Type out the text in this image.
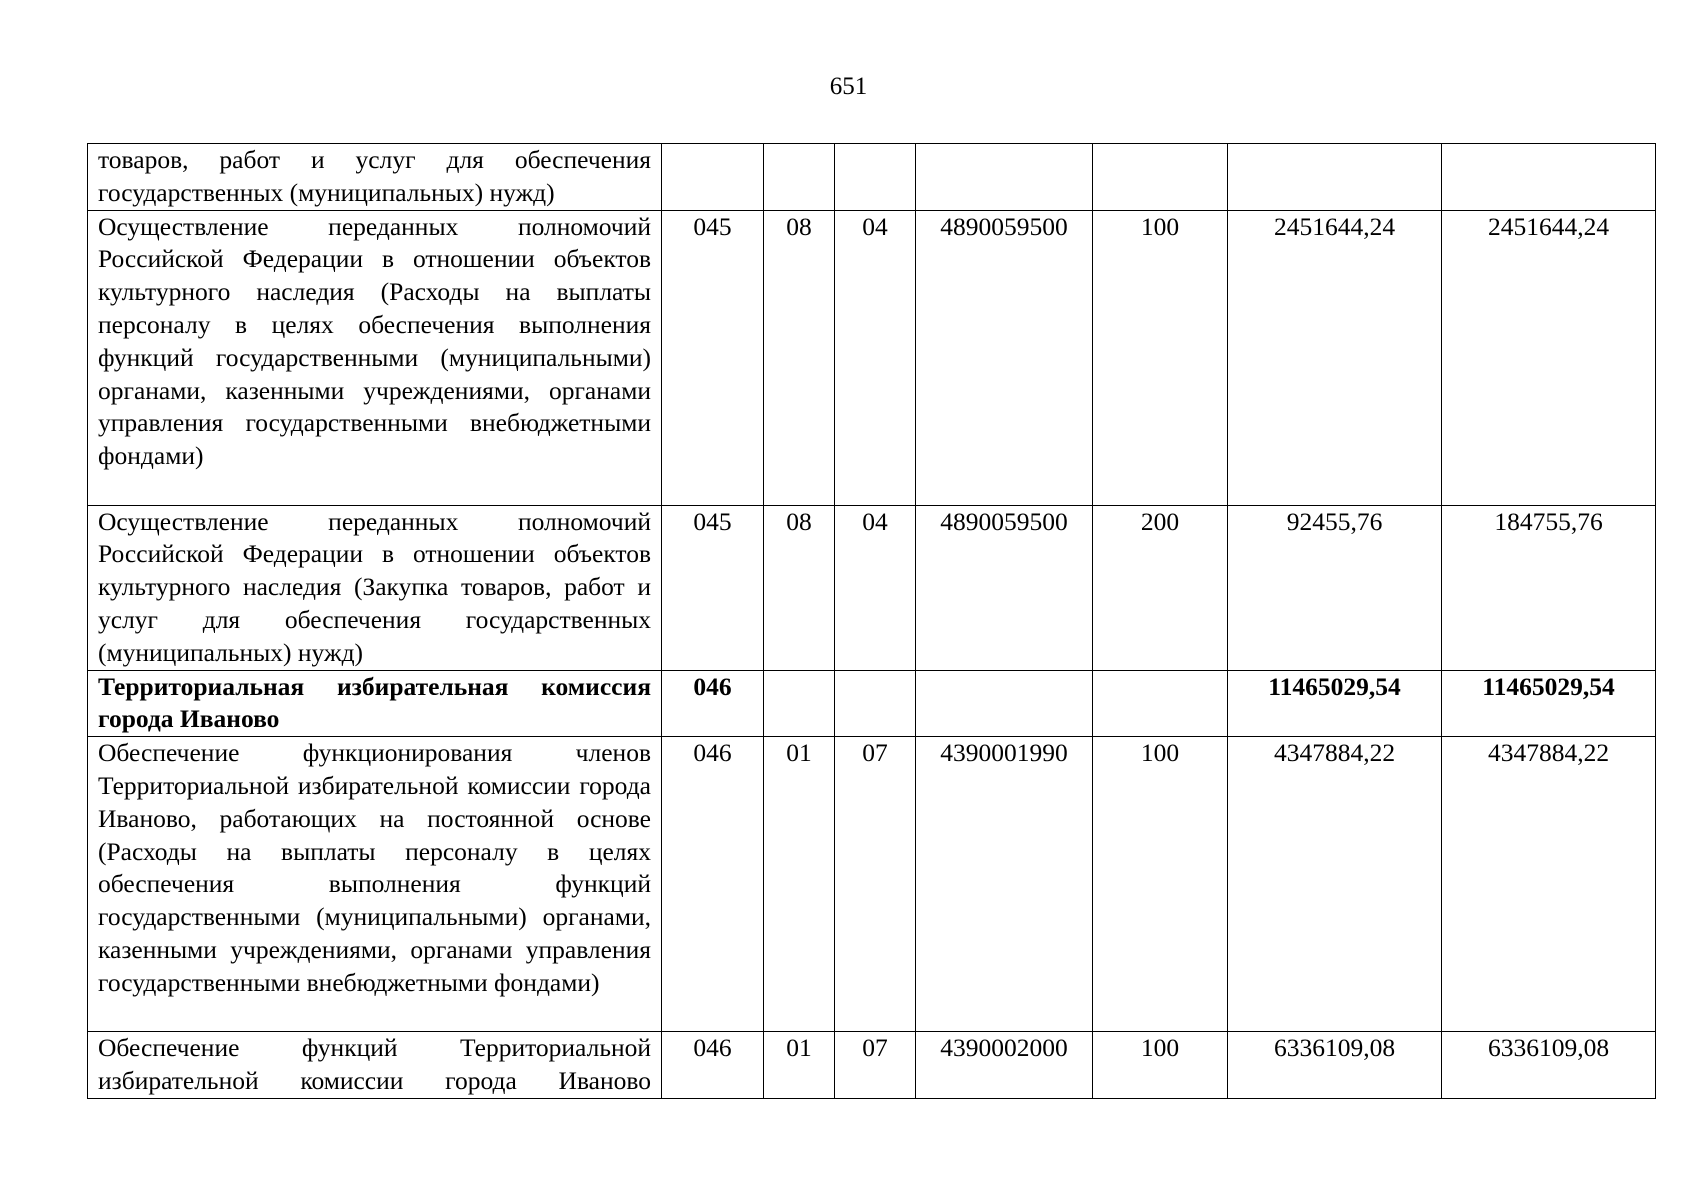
651
товаров, работ и услуг для обеспечения государственных (муниципальных) нужд)							
Осуществление переданных полномочий Российской Федерации в отношении объектов культурного наследия (Расходы на выплаты персоналу в целях обеспечения выполнения функций государственными (муниципальными) органами, казенными учреждениями, органами управления государственными внебюджетными фондами)	045	08	04	4890059500	100	2451644,24	2451644,24
Осуществление переданных полномочий Российской Федерации в отношении объектов культурного наследия (Закупка товаров, работ и услуг для обеспечения государственных (муниципальных) нужд)	045	08	04	4890059500	200	92455,76	184755,76
Территориальная избирательная комиссия города Иваново	046					11465029,54	11465029,54
Обеспечение функционирования членов Территориальной избирательной комиссии города Иваново, работающих на постоянной основе (Расходы на выплаты персоналу в целях обеспечения выполнения функций государственными (муниципальными) органами, казенными учреждениями, органами управления государственными внебюджетными фондами)	046	01	07	4390001990	100	4347884,22	4347884,22
Обеспечение функций Территориальной избирательной комиссии города Иваново	046	01	07	4390002000	100	6336109,08	6336109,08
